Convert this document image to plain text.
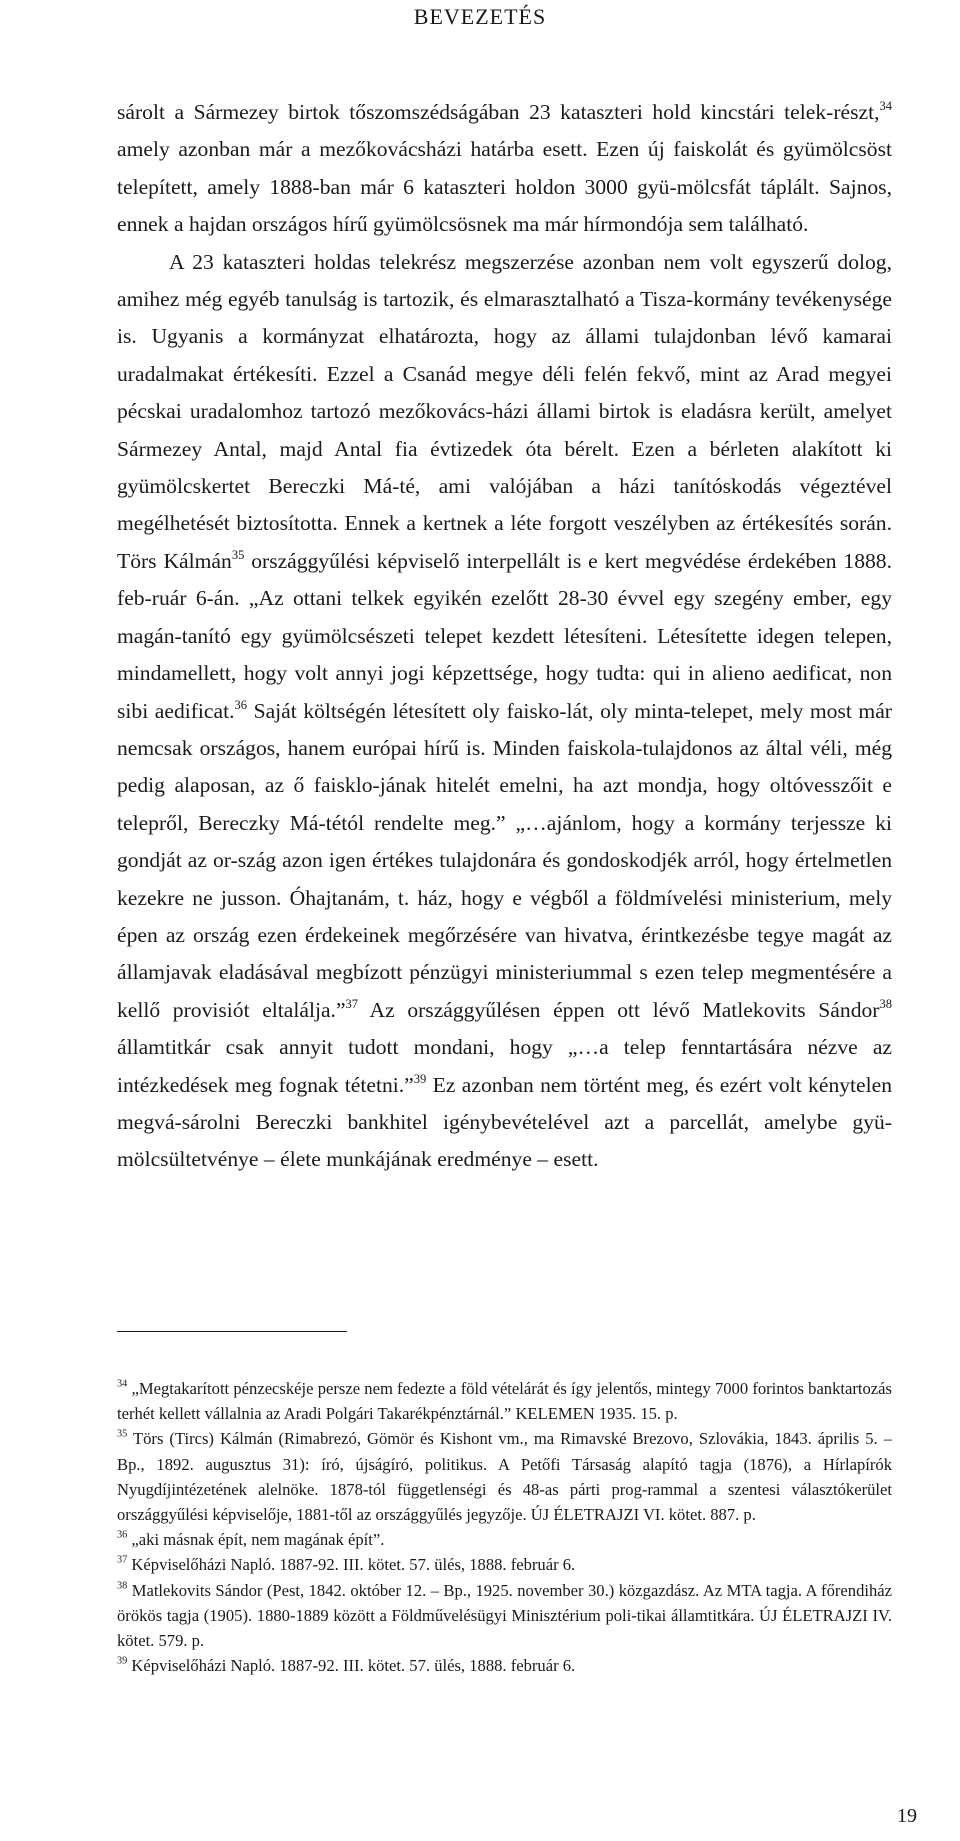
BEVEZETÉS

sárolt a Sármezey birtok tőszomszédságában 23 kataszteri hold kincstári telek-részt,$^{34}$ amely azonban már a mezőkovácsházi határba esett. Ezen új faiskolát és gyümölcsöst telepített, amely 1888-ban már 6 kataszteri holdon 3000 gyü-mölcsfát táplált. Sajnos, ennek a hajdan országos hírű gyümölcsösnek ma már hírmondója sem található.

A 23 kataszteri holdas telekrész megszerzése azonban nem volt egyszerű dolog, amihez még egyéb tanulság is tartozik, és elmarasztalható a Tisza-kormány tevékenysége is. Ugyanis a kormányzat elhatározta, hogy az állami tulajdonban lévő kamarai uradalmakat értékesíti. Ezzel a Csanád megye déli felén fekvő, mint az Arad megyei pécskai uradalomhoz tartozó mezőkovács-házi állami birtok is eladásra került, amelyet Sármezey Antal, majd Antal fia évtizedek óta bérelt. Ezen a bérleten alakított ki gyümölcskertet Bereczki Má-té, ami valójában a házi tanítóskodás végeztével megélhetését biztosította. Ennek a kertnek a léte forgott veszélyben az értékesítés során. Törs Kálmán$^{35}$ országgyűlési képviselő interpellált is e kert megvédése érdekében 1888. feb-ruár 6-án. „Az ottani telkek egyikén ezelőtt 28-30 évvel egy szegény ember, egy magán-tanító egy gyümölcsészeti telepet kezdett létesíteni. Létesítette idegen telepen, mindamellett, hogy volt annyi jogi képzettsége, hogy tudta: qui in alieno aedificat, non sibi aedificat.$^{36}$ Saját költségén létesített oly faisko-lát, oly minta-telepet, mely most már nemcsak országos, hanem európai hírű is. Minden faiskola-tulajdonos az által véli, még pedig alaposan, az ő faisklo-jának hitelét emelni, ha azt mondja, hogy oltóvesszőit e telepről, Bereczky Má-tétól rendelte meg.” „…ajánlom, hogy a kormány terjessze ki gondját az or-szág azon igen értékes tulajdonára és gondoskodjék arról, hogy értelmetlen kezekre ne jusson. Óhajtanám, t. ház, hogy e végből a földmívelési ministerium, mely épen az ország ezen érdekeinek megőrzésére van hivatva, érintkezésbe tegye magát az államjavak eladásával megbízott pénzügyi ministeriummal s ezen telep megmentésére a kellő provisiót eltalálja.”$^{37}$ Az országgyűlésen éppen ott lévő Matlekovits Sándor$^{38}$ államtitkár csak annyit tudott mondani, hogy „…a telep fenntartására nézve az intézkedések meg fognak tétetni.”$^{39}$ Ez azonban nem történt meg, és ezért volt kénytelen megvá-sárolni Bereczki bankhitel igénybevételével azt a parcellát, amelybe gyü-mölcsültetvénye – élete munkájának eredménye – esett.

$^{34}$ „Megtakarított pénzecskéje persze nem fedezte a föld vételárát és így jelentős, mintegy 7000 forintos banktartozás terhét kellett vállalnia az Aradi Polgári Takarékpénztárnál.” KELEMEN 1935. 15. p.

$^{35}$ Törs (Tircs) Kálmán (Rimabrezó, Gömör és Kishont vm., ma Rimavské Brezovo, Szlovákia, 1843. április 5. – Bp., 1892. augusztus 31): író, újságíró, politikus. A Petőfi Társaság alapító tagja (1876), a Hírlapírók Nyugdíjintézetének alelnöke. 1878-tól függetlenségi és 48-as párti prog-rammal a szentesi választókerület országgyűlési képviselője, 1881-től az országgyűlés jegyzője. ÚJ ÉLETRAJZI VI. kötet. 887. p.

$^{36}$ „aki másnak épít, nem magának épít”.

$^{37}$ Képviselőházi Napló. 1887-92. III. kötet. 57. ülés, 1888. február 6.

$^{38}$ Matlekovits Sándor (Pest, 1842. október 12. – Bp., 1925. november 30.) közgazdász. Az MTA tagja. A főrendiház örökös tagja (1905). 1880-1889 között a Földművelésügyi Minisztérium poli-tikai államtitkára. ÚJ ÉLETRAJZI IV. kötet. 579. p.

$^{39}$ Képviselőházi Napló. 1887-92. III. kötet. 57. ülés, 1888. február 6.

19
